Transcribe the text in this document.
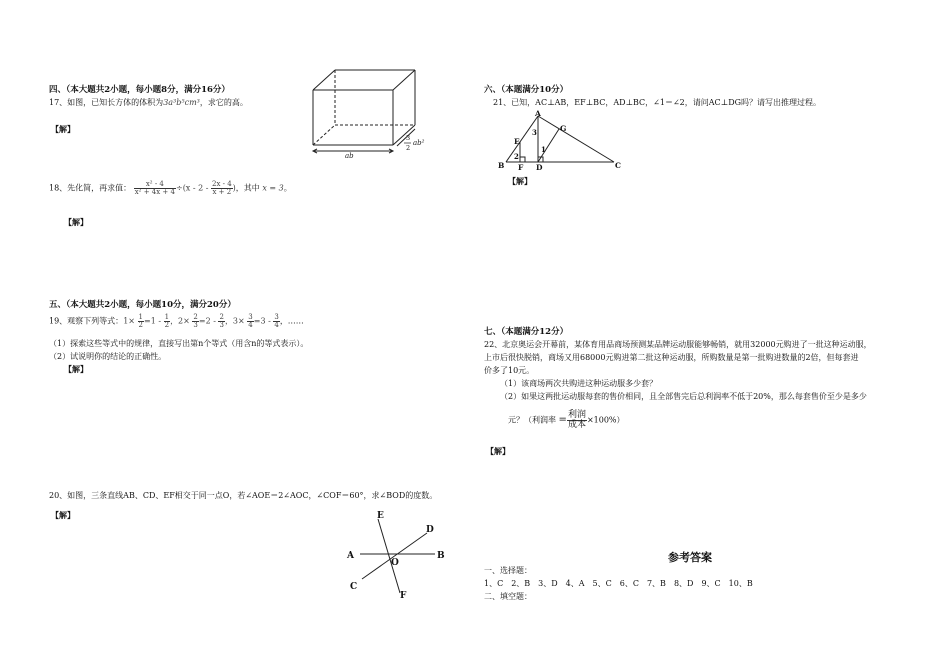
四、（本大题共2小题，每小题8分，满分16分）
17、如图，已知长方体的体积为3a³b⁵cm³，求它的高。
【解】
ab
3
2
ab²
18、先化简，再求值： $\frac{\text{x² - 4}}{\text{x² + 4x + 4}} \div(x - 2 - \frac{2x - 4}{x + 2}$ )，其中 x = 3。
【解】
五、（本大题共2小题，每小题10分，满分20分）
19、观察下列等式：$1\times \frac{1}{2} =1 - \frac{1}{2}$ ，$2\times \frac{2}{3} =2 - \frac{2}{3}$ ，$3\times \frac{3}{4} =3 - \frac{3}{4}$ ，……
（1）探索这些等式中的规律，直接写出第n个等式（用含n的等式表示）。
（2）试说明你的结论的正确性。
【解】
20、如图，三条直线AB、CD、EF相交于同一点O，若∠AOE＝2∠AOC，∠COF＝60°，求∠BOD的度数。
【解】	E
D
A	B
O
C
F
六、（本题满分10分）
21、已知，AC⊥AB，EF⊥BC，AD⊥BC，∠1＝∠2，请问AC⊥DG吗？请写出推理过程。
A
E
G
B F D	C
3
1
2
【解】
七、（本题满分12分）
22、北京奥运会开幕前，某体育用品商场预测某品牌运动服能够畅销，就用32000元购进了一批这种运动服，
上市后很快脱销，商场又用68000元购进第二批这种运动服，所购数量是第一批购进数量的2倍，但每套进
价多了10元。
（1）该商场两次共购进这种运动服多少套？
（2）如果这两批运动服每套的售价相同，且全部售完后总利润率不低于20%，那么每套售价至少是多少
元？（利润率 = $\frac{\text{利润}}{\text{成本}} \times 100\%$）
【解】
参考答案
一、选择题：
1、C　2、B　3、D　4、A　5、C　6、C　7、B　8、D　9、C　10、B
二、填空题：
